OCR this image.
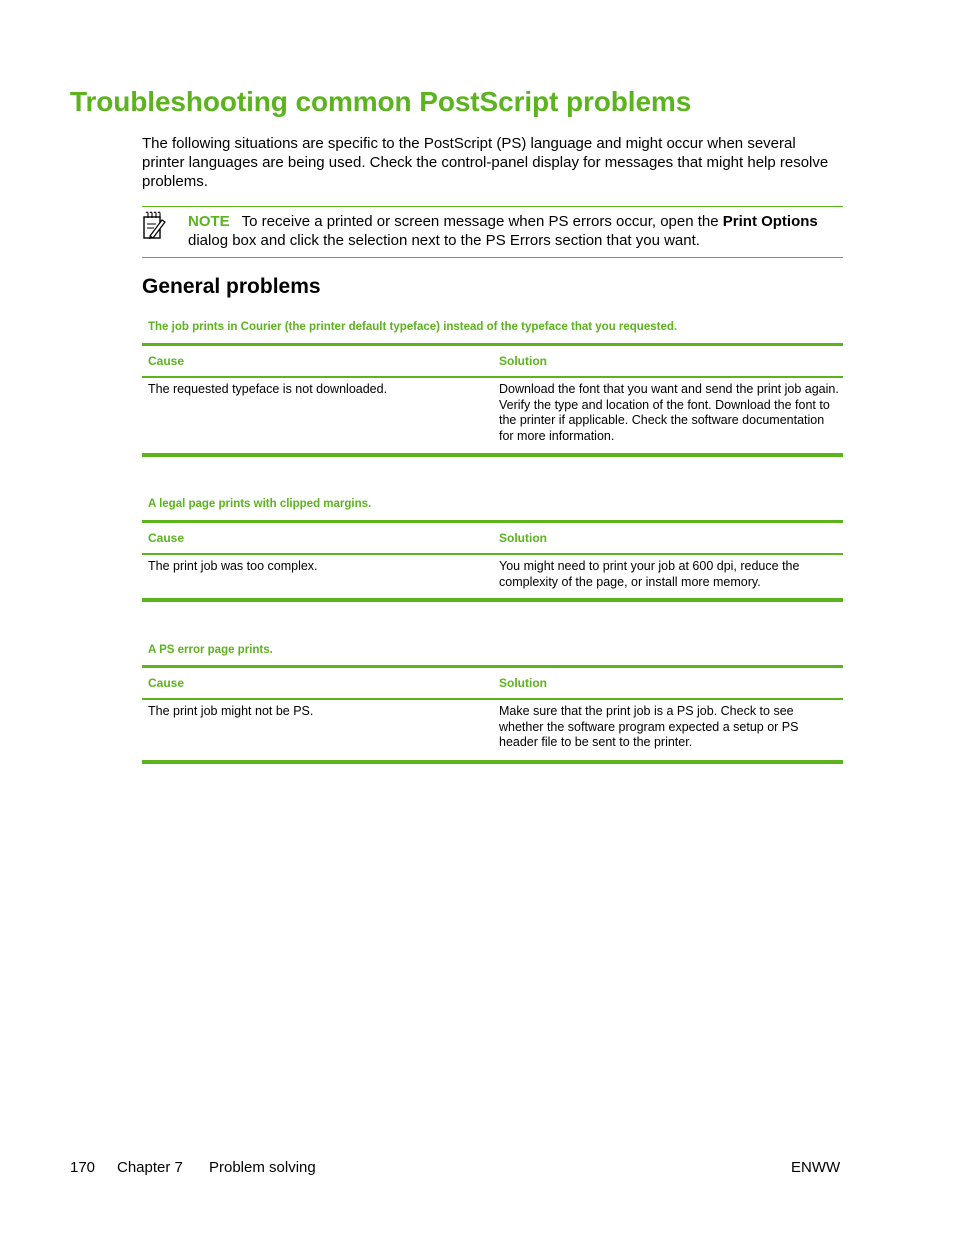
Troubleshooting common PostScript problems

The following situations are specific to the PostScript (PS) language and might occur when several printer languages are being used. Check the control-panel display for messages that might help resolve problems.

NOTE To receive a printed or screen message when PS errors occur, open the Print Options dialog box and click the selection next to the PS Errors section that you want.

General problems
The job prints in Courier (the printer default typeface) instead of the typeface that you requested.
Cause	Solution

The requested typeface is not downloaded.	Download the font that you want and send the print job again. Verify the type and location of the font. Download the font to the printer if applicable. Check the software documentation for more information.

A legal page prints with clipped margins.
Cause	Solution

The print job was too complex.	You might need to print your job at 600 dpi, reduce the complexity of the page, or install more memory.

A PS error page prints.
Cause	Solution

The print job might not be PS.	Make sure that the print job is a PS job. Check to see whether the software program expected a setup or PS header file to be sent to the printer.

170 Chapter 7 Problem solving	ENWW
